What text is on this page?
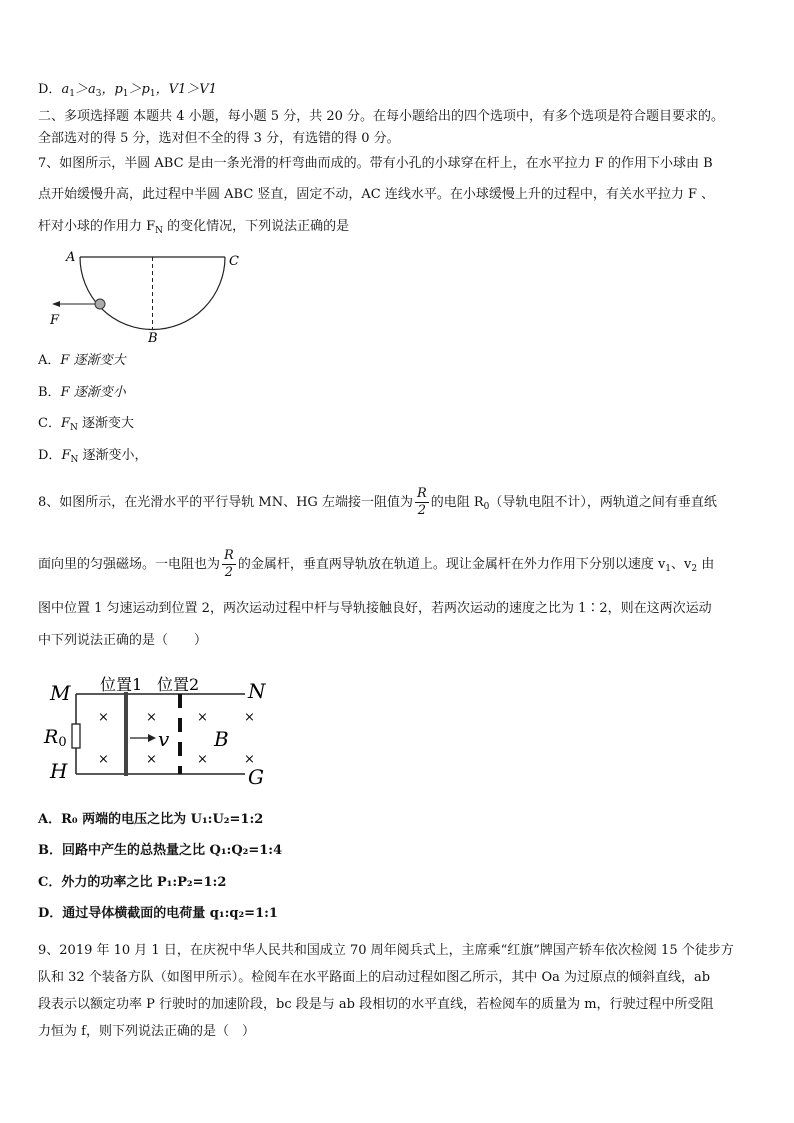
D．$a_1>a_3$，$p_1>p_1$，V1＞V1
二、多项选择题 本题共 4 小题，每小题 5 分，共 20 分。在每小题给出的四个选项中，有多个选项是符合题目要求的。
全部选对的得 5 分，选对但不全的得 3 分，有选错的得 0 分。
7、如图所示，半圆 ABC 是由一条光滑的杆弯曲而成的。带有小孔的小球穿在杆上，在水平拉力 F 的作用下小球由 B
点开始缓慢升高，此过程中半圆 ABC 竖直，固定不动，AC 连线水平。在小球缓慢上升的过程中，有关水平拉力 F 、
杆对小球的作用力 $F_N$ 的变化情况，下列说法正确的是
A	C
B
F
A．F 逐渐变大
B．F 逐渐变小
C．$F_N$ 逐渐变大
D．$F_N$ 逐渐变小，
8、如图所示，在光滑水平的平行导轨 MN、HG 左端接一阻值为 $\frac{R}{2}$ 的电阻 $R_0$（导轨电阻不计），两轨道之间有垂直纸
面向里的匀强磁场。一电阻也为 $\frac{R}{2}$ 的金属杆，垂直两导轨放在轨道上。现让金属杆在外力作用下分别以速度 $v_1$、$v_2$ 由
图中位置 1 匀速运动到位置 2，两次运动过程中杆与导轨接触良好，若两次运动的速度之比为 1∶2，则在这两次运动
中下列说法正确的是（　　）
×
×
×
×
×
×
×
×
M
H
N
G
R0
位置1 位置2
v B
A．R₀ 两端的电压之比为 U₁:U₂=1:2
B．回路中产生的总热量之比 Q₁:Q₂=1:4
C．外力的功率之比 P₁:P₂=1:2
D．通过导体横截面的电荷量 q₁:q₂=1:1
9、2019 年 10 月 1 日，在庆祝中华人民共和国成立 70 周年阅兵式上，主席乘“红旗”牌国产轿车依次检阅 15 个徒步方
队和 32 个装备方队（如图甲所示）。检阅车在水平路面上的启动过程如图乙所示，其中 Oa 为过原点的倾斜直线，ab
段表示以额定功率 P 行驶时的加速阶段，bc 段是与 ab 段相切的水平直线，若检阅车的质量为 m，行驶过程中所受阻
力恒为 f，则下列说法正确的是（　）
